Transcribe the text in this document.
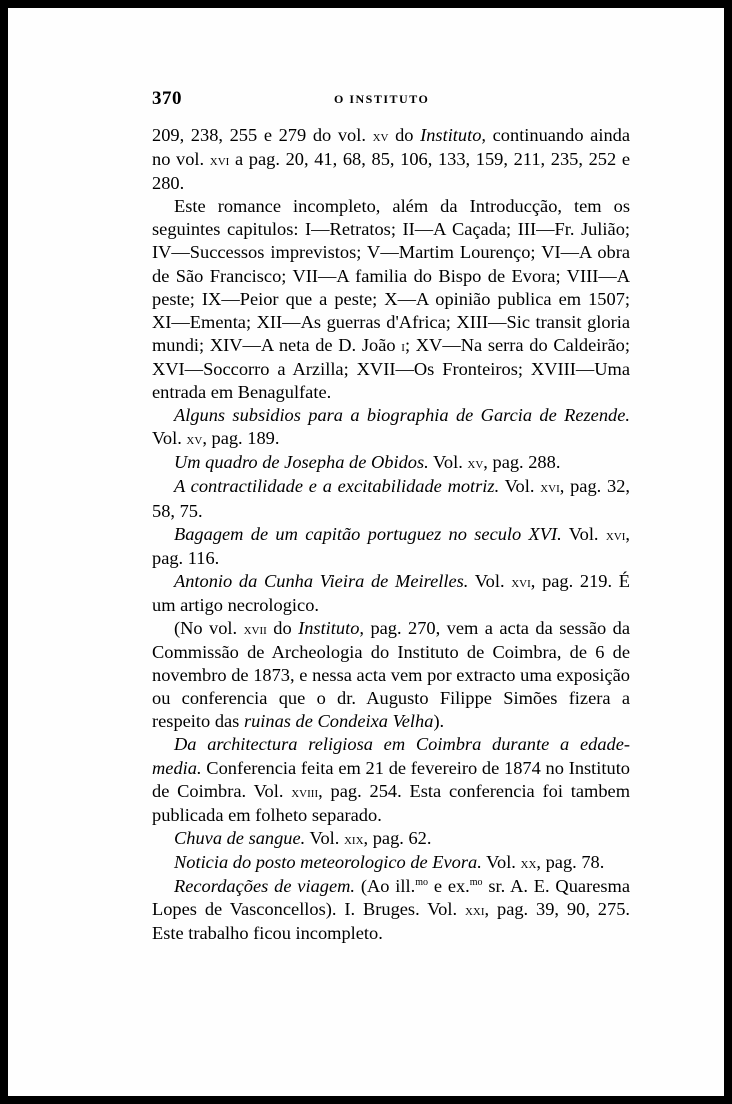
370	O INSTITUTO

209, 238, 255 e 279 do vol. xv do Instituto, continuando ainda no vol. xvi a pag. 20, 41, 68, 85, 106, 133, 159, 211, 235, 252 e 280.

Este romance incompleto, além da Introducção, tem os seguintes capitulos: I—Retratos; II—A Caçada; III—Fr. Julião; IV—Successos imprevistos; V—Martim Lourenço; VI—A obra de São Francisco; VII—A familia do Bispo de Evora; VIII—A peste; IX—Peior que a peste; X—A opinião publica em 1507; XI—Ementa; XII—As guerras d'Africa; XIII—Sic transit gloria mundi; XIV—A neta de D. João i; XV—Na serra do Caldeirão; XVI—Soccorro a Arzilla; XVII—Os Fronteiros; XVIII—Uma entrada em Benagulfate.

Alguns subsidios para a biographia de Garcia de Rezende. Vol. xv, pag. 189.

Um quadro de Josepha de Obidos. Vol. xv, pag. 288.

A contractilidade e a excitabilidade motriz. Vol. xvi, pag. 32, 58, 75.

Bagagem de um capitão portuguez no seculo XVI. Vol. xvi, pag. 116.

Antonio da Cunha Vieira de Meirelles. Vol. xvi, pag. 219. É um artigo necrologico.

(No vol. xvii do Instituto, pag. 270, vem a acta da sessão da Commissão de Archeologia do Instituto de Coimbra, de 6 de novembro de 1873, e nessa acta vem por extracto uma exposição ou conferencia que o dr. Augusto Filippe Simões fizera a respeito das ruinas de Condeixa Velha).

Da architectura religiosa em Coimbra durante a edade-media. Conferencia feita em 21 de fevereiro de 1874 no Instituto de Coimbra. Vol. xviii, pag. 254. Esta conferencia foi tambem publicada em folheto separado.

Chuva de sangue. Vol. xix, pag. 62.

Noticia do posto meteorologico de Evora. Vol. xx, pag. 78.

Recordações de viagem. (Ao ill.$^{mo}$ e ex.$^{mo}$ sr. A. E. Quaresma Lopes de Vasconcellos). I. Bruges. Vol. xxi, pag. 39, 90, 275. Este trabalho ficou incompleto.
